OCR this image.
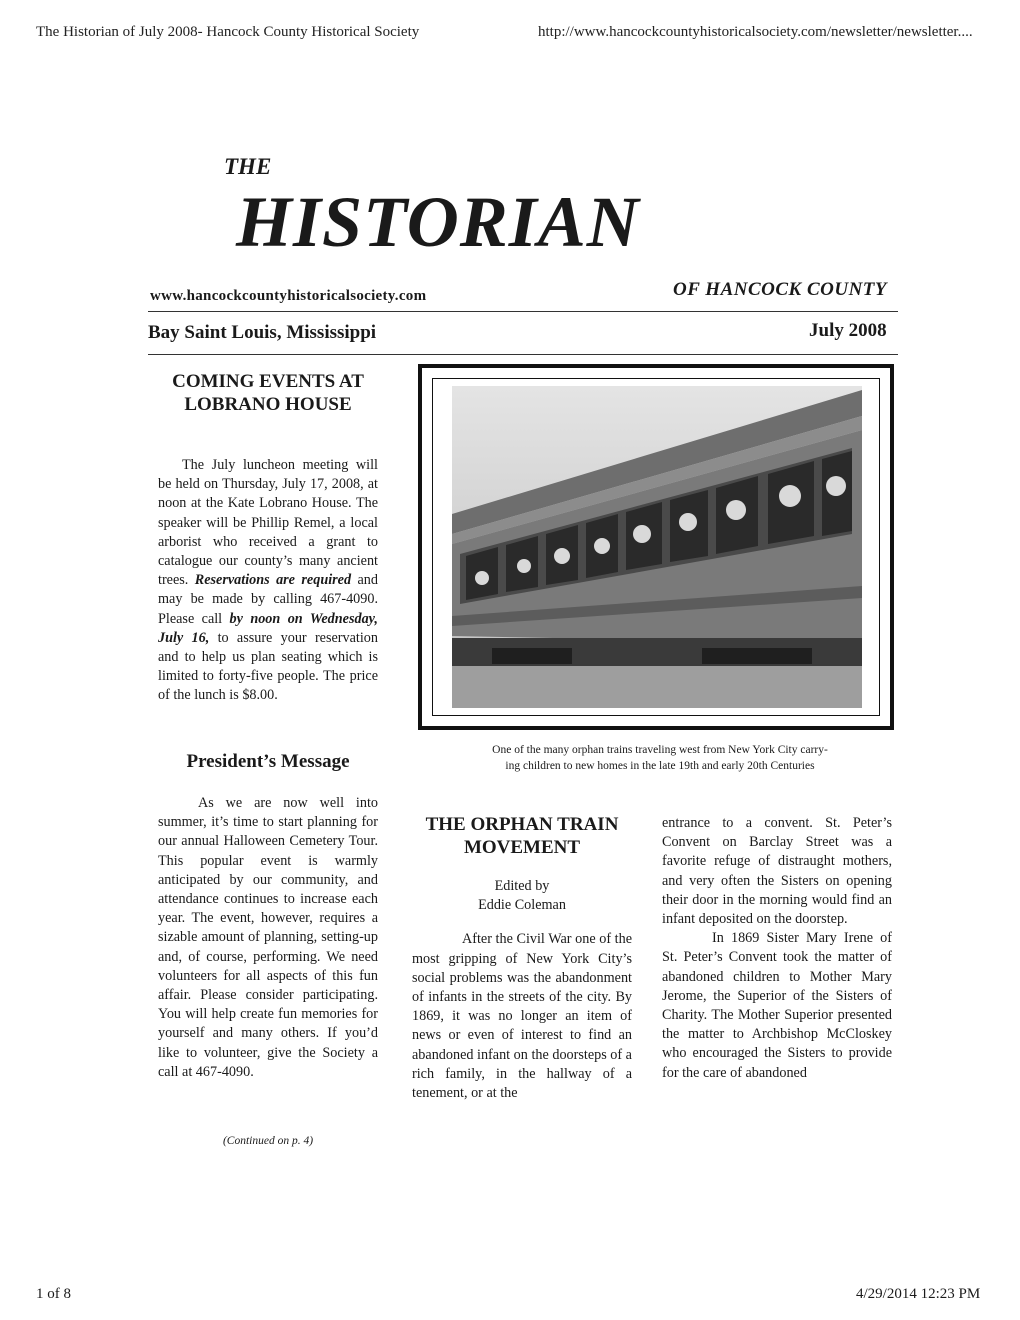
The Historian of July 2008- Hancock County Historical Society	http://www.hancockcountyhistoricalsociety.com/newsletter/newsletter....
THE
HISTORIAN
www.hancockcountyhistoricalsociety.com	OF HANCOCK COUNTY
Bay Saint Louis, Mississippi	July 2008
COMING EVENTS AT
LOBRANO HOUSE

The July luncheon meeting will be held on Thursday, July 17, 2008, at noon at the Kate Lobrano House. The speaker will be Phillip Remel, a local arborist who received a grant to catalogue our county’s many ancient trees. Reservations are required and may be made by calling 467-4090. Please call by noon on Wednesday, July 16, to assure your reservation and to help us plan seating which is limited to forty-five people. The price of the lunch is $8.00.

President’s Message

As we are now well into summer, it’s time to start planning for our annual Halloween Cemetery Tour. This popular event is warmly anticipated by our community, and attendance continues to increase each year. The event, however, requires a sizable amount of planning, setting-up and, of course, performing. We need volunteers for all aspects of this fun affair. Please consider participating. You will help create fun memories for yourself and many others. If you’d like to volunteer, give the Society a call at 467-4090.

(Continued on p. 4)
One of the many orphan trains traveling west from New York City carry-
ing children to new homes in the late 19th and early 20th Centuries
THE ORPHAN TRAIN
MOVEMENT
Edited by
Eddie Coleman

After the Civil War one of the most gripping of New York City’s social problems was the abandonment of infants in the streets of the city. By 1869, it was no longer an item of news or even of interest to find an abandoned infant on the doorsteps of a rich family, in the hallway of a tenement, or at the

entrance to a convent. St. Peter’s Convent on Barclay Street was a favorite refuge of distraught mothers, and very often the Sisters on opening their door in the morning would find an infant deposited on the doorstep.

In 1869 Sister Mary Irene of St. Peter’s Convent took the matter of abandoned children to Mother Mary Jerome, the Superior of the Sisters of Charity. The Mother Superior presented the matter to Archbishop McCloskey who encouraged the Sisters to provide for the care of abandoned

1 of 8	4/29/2014 12:23 PM
